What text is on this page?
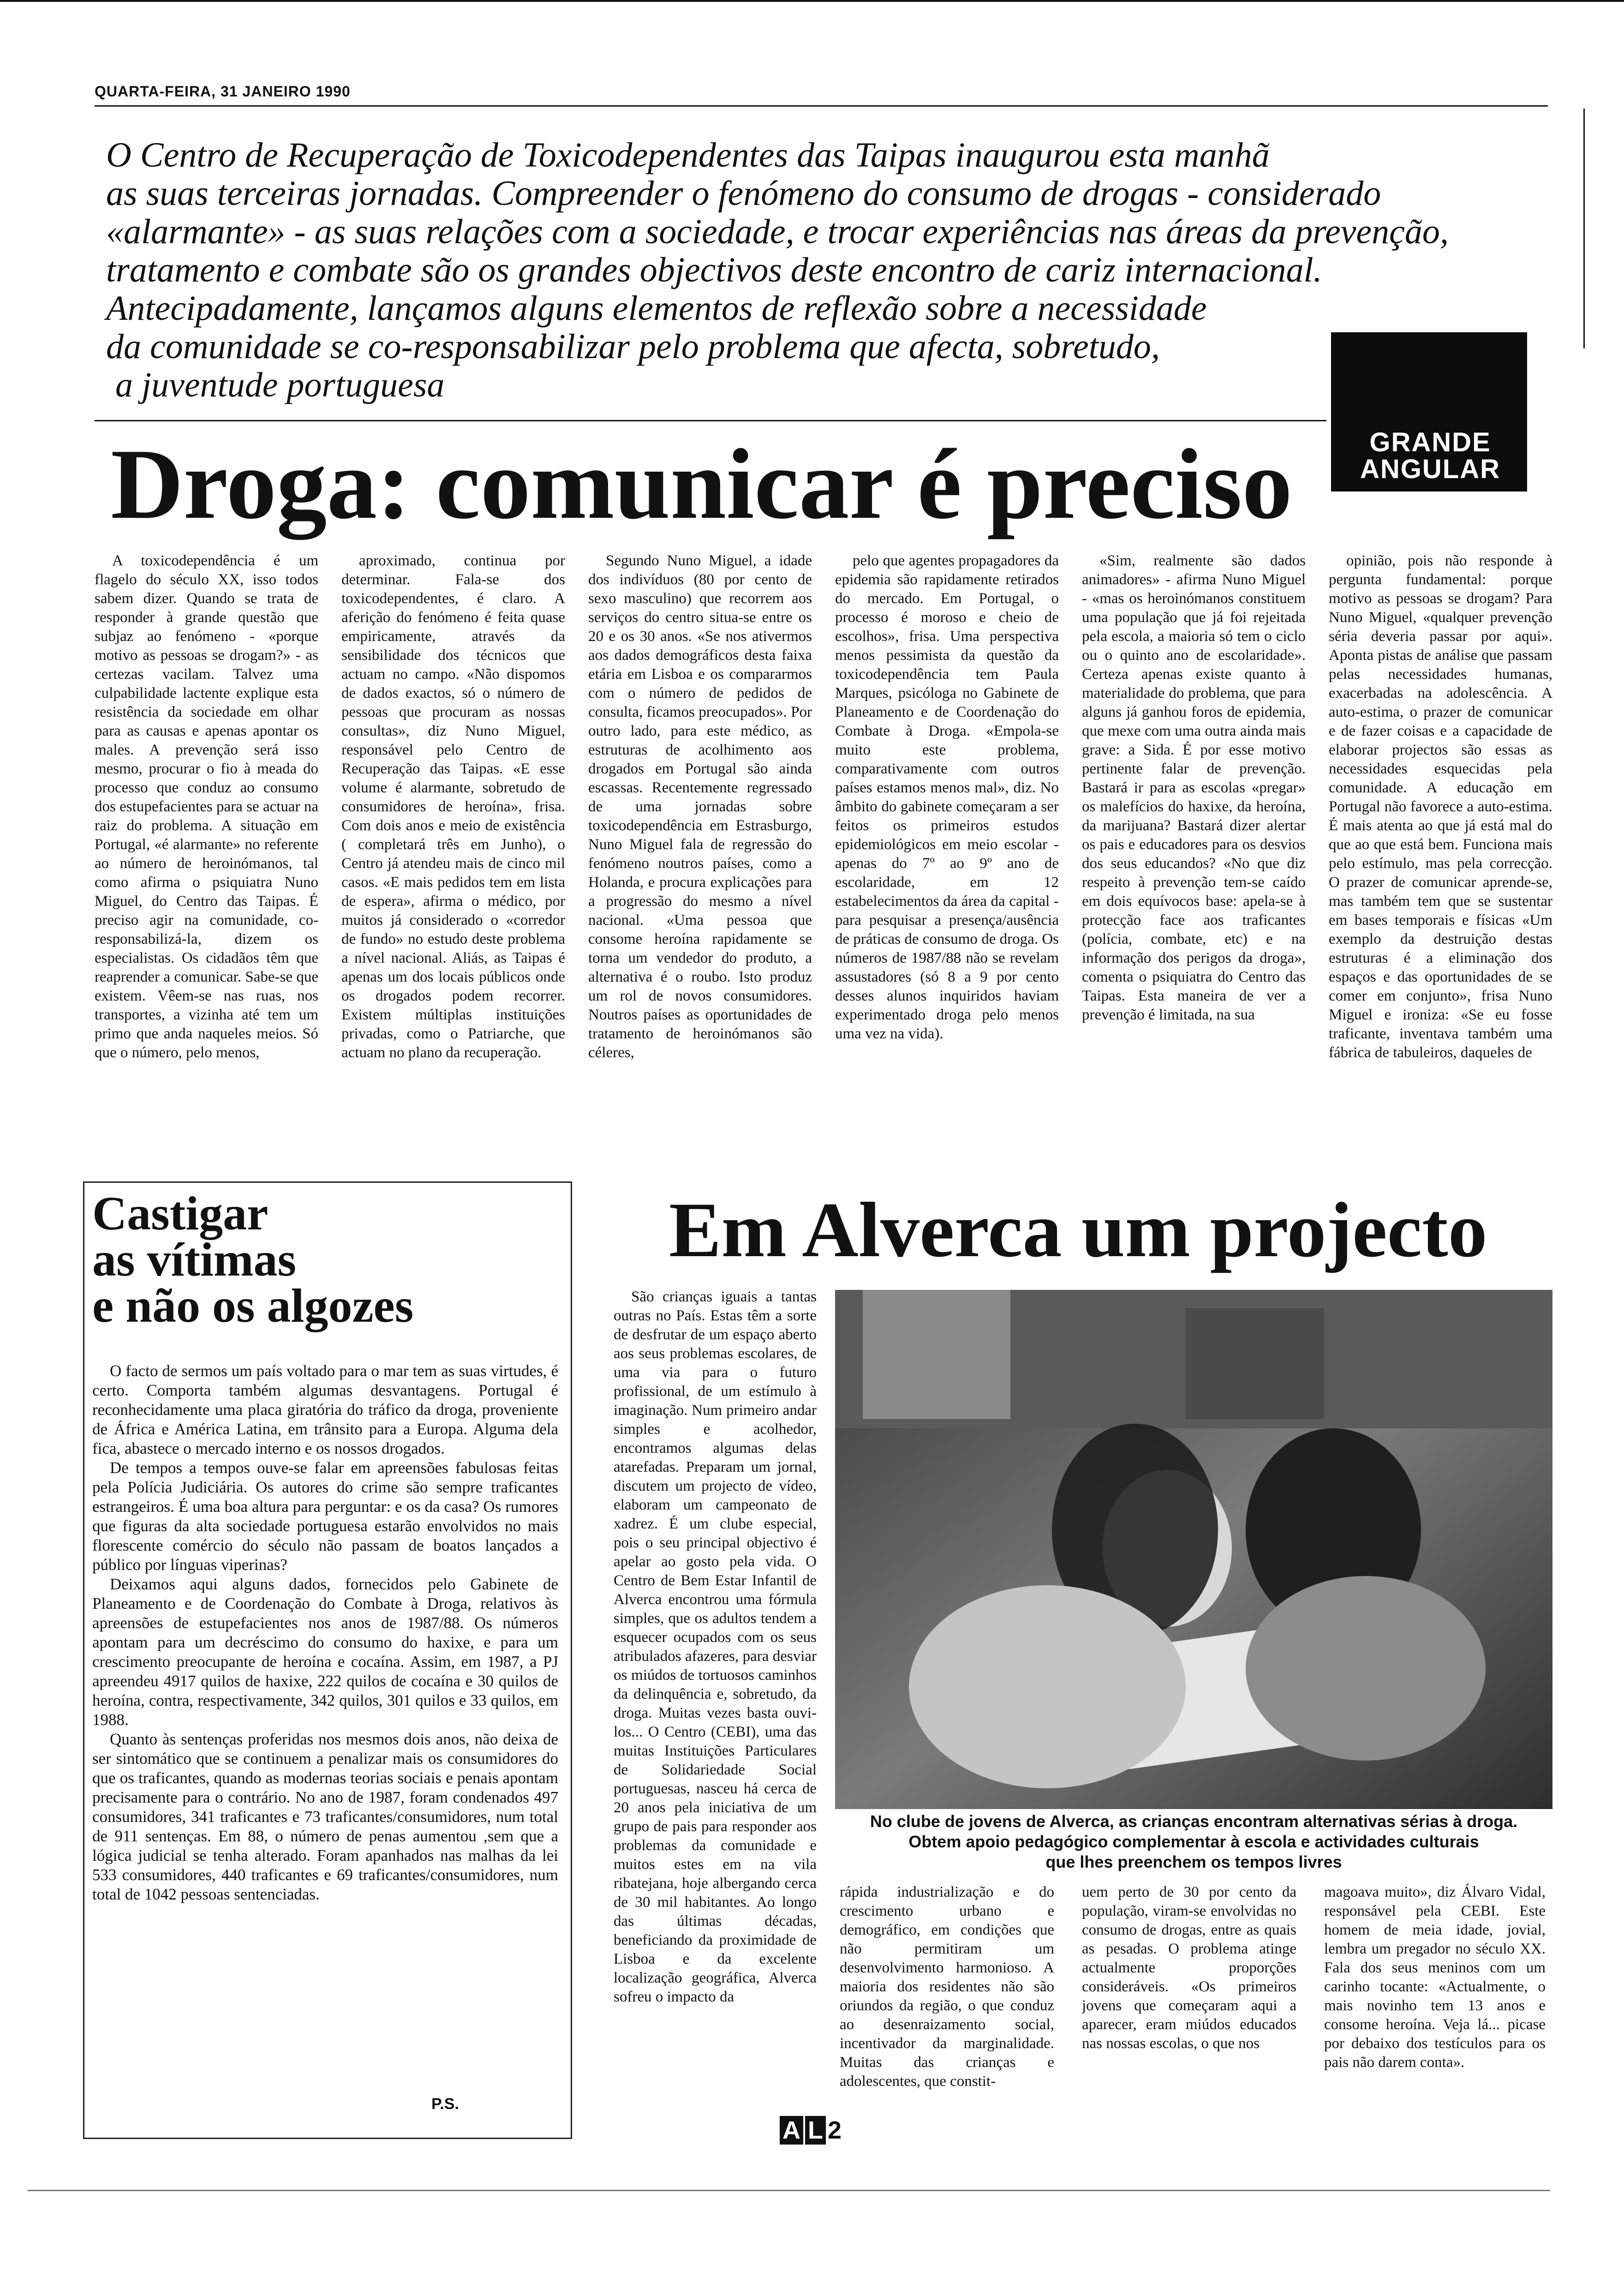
QUARTA-FEIRA, 31 JANEIRO 1990
O Centro de Recuperação de Toxicodependentes das Taipas inaugurou esta manhã
as suas terceiras jornadas. Compreender o fenómeno do consumo de drogas - considerado
«alarmante» - as suas relações com a sociedade, e trocar experiências nas áreas da prevenção,
tratamento e combate são os grandes objectivos deste encontro de cariz internacional.
Antecipadamente, lançamos alguns elementos de reflexão sobre a necessidade
da comunidade se co-responsabilizar pelo problema que afecta, sobretudo,
a juventude portuguesa
GRANDE
ANGULAR
Droga: comunicar é preciso

A toxicodependência é um flagelo do século XX, isso todos sabem dizer. Quando se trata de responder à grande questão que subjaz ao fenómeno - «porque motivo as pessoas se drogam?» - as certezas vacilam. Talvez uma culpabilidade lactente explique esta resistência da sociedade em olhar para as causas e apenas apontar os males. A prevenção será isso mesmo, procurar o fio à meada do processo que conduz ao consumo dos estupefacientes para se actuar na raiz do problema. A situação em Portugal, «é alarmante» no referente ao número de heroinómanos, tal como afirma o psiquiatra Nuno Miguel, do Centro das Taipas. É preciso agir na comunidade, co-responsabilizá-la, dizem os especialistas. Os cidadãos têm que reaprender a comunicar. Sabe-se que existem. Vêem-se nas ruas, nos transportes, a vizinha até tem um primo que anda naqueles meios. Só que o número, pelo menos,

aproximado, continua por determinar. Fala-se dos toxicodependentes, é claro. A aferição do fenómeno é feita quase empiricamente, através da sensibilidade dos técnicos que actuam no campo. «Não dispomos de dados exactos, só o número de pessoas que procuram as nossas consultas», diz Nuno Miguel, responsável pelo Centro de Recuperação das Taipas. «E esse volume é alarmante, sobretudo de consumidores de heroína», frisa. Com dois anos e meio de existência ( completará três em Junho), o Centro já atendeu mais de cinco mil casos. «E mais pedidos tem em lista de espera», afirma o médico, por muitos já considerado o «corredor de fundo» no estudo deste problema a nível nacional. Aliás, as Taipas é apenas um dos locais públicos onde os drogados podem recorrer. Existem múltiplas instituições privadas, como o Patriarche, que actuam no plano da recuperação.

Segundo Nuno Miguel, a idade dos indivíduos (80 por cento de sexo masculino) que recorrem aos serviços do centro situa-se entre os 20 e os 30 anos. «Se nos ativermos aos dados demográficos desta faixa etária em Lisboa e os compararmos com o número de pedidos de consulta, ficamos preocupados». Por outro lado, para este médico, as estruturas de acolhimento aos drogados em Portugal são ainda escassas. Recentemente regressado de uma jornadas sobre toxicodependência em Estrasburgo, Nuno Miguel fala de regressão do fenómeno noutros países, como a Holanda, e procura explicações para a progressão do mesmo a nível nacional. «Uma pessoa que consome heroína rapidamente se torna um vendedor do produto, a alternativa é o roubo. Isto produz um rol de novos consumidores. Noutros países as oportunidades de tratamento de heroinómanos são céleres,

pelo que agentes propagadores da epidemia são rapidamente retirados do mercado. Em Portugal, o processo é moroso e cheio de escolhos», frisa. Uma perspectiva menos pessimista da questão da toxicodependência tem Paula Marques, psicóloga no Gabinete de Planeamento e de Coordenação do Combate à Droga. «Empola-se muito este problema, comparativamente com outros países estamos menos mal», diz. No âmbito do gabinete começaram a ser feitos os primeiros estudos epidemiológicos em meio escolar - apenas do 7º ao 9º ano de escolaridade, em 12 estabelecimentos da área da capital - para pesquisar a presença/ausência de práticas de consumo de droga. Os números de 1987/88 não se revelam assustadores (só 8 a 9 por cento desses alunos inquiridos haviam experimentado droga pelo menos uma vez na vida).

«Sim, realmente são dados animadores» - afirma Nuno Miguel - «mas os heroinómanos constituem uma população que já foi rejeitada pela escola, a maioria só tem o ciclo ou o quinto ano de escolaridade». Certeza apenas existe quanto à materialidade do problema, que para alguns já ganhou foros de epidemia, que mexe com uma outra ainda mais grave: a Sida. É por esse motivo pertinente falar de prevenção. Bastará ir para as escolas «pregar» os malefícios do haxixe, da heroína, da marijuana? Bastará dizer alertar os pais e educadores para os desvios dos seus educandos? «No que diz respeito à prevenção tem-se caído em dois equívocos base: apela-se à protecção face aos traficantes (polícia, combate, etc) e na informação dos perigos da droga», comenta o psiquiatra do Centro das Taipas. Esta maneira de ver a prevenção é limitada, na sua

opinião, pois não responde à pergunta fundamental: porque motivo as pessoas se drogam? Para Nuno Miguel, «qualquer prevenção séria deveria passar por aqui». Aponta pistas de análise que passam pelas necessidades humanas, exacerbadas na adolescência. A auto-estima, o prazer de comunicar e de fazer coisas e a capacidade de elaborar projectos são essas as necessidades esquecidas pela comunidade. A educação em Portugal não favorece a auto-estima. É mais atenta ao que já está mal do que ao que está bem. Funciona mais pelo estímulo, mas pela correcção. O prazer de comunicar aprende-se, mas também tem que se sustentar em bases temporais e físicas «Um exemplo da destruição destas estruturas é a eliminação dos espaços e das oportunidades de se comer em conjunto», frisa Nuno Miguel e ironiza: «Se eu fosse traficante, inventava também uma fábrica de tabuleiros, daqueles de

Castigar
as vítimas
e não os algozes

O facto de sermos um país voltado para o mar tem as suas virtudes, é certo. Comporta também algumas desvantagens. Portugal é reconhecidamente uma placa giratória do tráfico da droga, proveniente de África e América Latina, em trânsito para a Europa. Alguma dela fica, abastece o mercado interno e os nossos drogados.

De tempos a tempos ouve-se falar em apreensões fabulosas feitas pela Polícia Judiciária. Os autores do crime são sempre traficantes estrangeiros. É uma boa altura para perguntar: e os da casa? Os rumores que figuras da alta sociedade portuguesa estarão envolvidos no mais florescente comércio do século não passam de boatos lançados a público por línguas viperinas?

Deixamos aqui alguns dados, fornecidos pelo Gabinete de Planeamento e de Coordenação do Combate à Droga, relativos às apreensões de estupefacientes nos anos de 1987/88. Os números apontam para um decréscimo do consumo do haxixe, e para um crescimento preocupante de heroína e cocaína. Assim, em 1987, a PJ apreendeu 4917 quilos de haxixe, 222 quilos de cocaína e 30 quilos de heroína, contra, respectivamente, 342 quilos, 301 quilos e 33 quilos, em 1988.

Quanto às sentenças proferidas nos mesmos dois anos, não deixa de ser sintomático que se continuem a penalizar mais os consumidores do que os traficantes, quando as modernas teorias sociais e penais apontam precisamente para o contrário. No ano de 1987, foram condenados 497 consumidores, 341 traficantes e 73 traficantes/consumidores, num total de 911 sentenças. Em 88, o número de penas aumentou ,sem que a lógica judicial se tenha alterado. Foram apanhados nas malhas da lei 533 consumidores, 440 traficantes e 69 traficantes/consumidores, num total de 1042 pessoas sentenciadas.

P.S.
Em Alverca um projecto

São crianças iguais a tantas outras no País. Estas têm a sorte de desfrutar de um espaço aberto aos seus problemas escolares, de uma via para o futuro profissional, de um estímulo à imaginação. Num primeiro andar simples e acolhedor, encontramos algumas delas atarefadas. Preparam um jornal, discutem um projecto de vídeo, elaboram um campeonato de xadrez. É um clube especial, pois o seu principal objectivo é apelar ao gosto pela vida. O Centro de Bem Estar Infantil de Alverca encontrou uma fórmula simples, que os adultos tendem a esquecer ocupados com os seus atribulados afazeres, para desviar os miúdos de tortuosos caminhos da delinquência e, sobretudo, da droga. Muitas vezes basta ouvi-los... O Centro (CEBI), uma das muitas Instituições Particulares de Solidariedade Social portuguesas, nasceu há cerca de 20 anos pela iniciativa de um grupo de pais para responder aos problemas da comunidade e muitos estes em na vila ribatejana, hoje albergando cerca de 30 mil habitantes. Ao longo das últimas décadas, beneficiando da proximidade de Lisboa e da excelente localização geográfica, Alverca sofreu o impacto da

No clube de jovens de Alverca, as crianças encontram alternativas sérias à droga.
Obtem apoio pedagógico complementar à escola e actividades culturais
que lhes preenchem os tempos livres

rápida industrialização e do crescimento urbano e demográfico, em condições que não permitiram um desenvolvimento harmonioso. A maioria dos residentes não são oriundos da região, o que conduz ao desenraizamento social, incentivador da marginalidade. Muitas das crianças e adolescentes, que constit-

uem perto de 30 por cento da população, viram-se envolvidas no consumo de drogas, entre as quais as pesadas. O problema atinge actualmente proporções consideráveis. «Os primeiros jovens que começaram aqui a aparecer, eram miúdos educados nas nossas escolas, o que nos

magoava muito», diz Álvaro Vidal, responsável pela CEBI. Este homem de meia idade, jovial, lembra um pregador no século XX. Fala dos seus meninos com um carinho tocante: «Actualmente, o mais novinho tem 13 anos e consome heroína. Veja lá... picase por debaixo dos testículos para os pais não darem conta».

A L 2
